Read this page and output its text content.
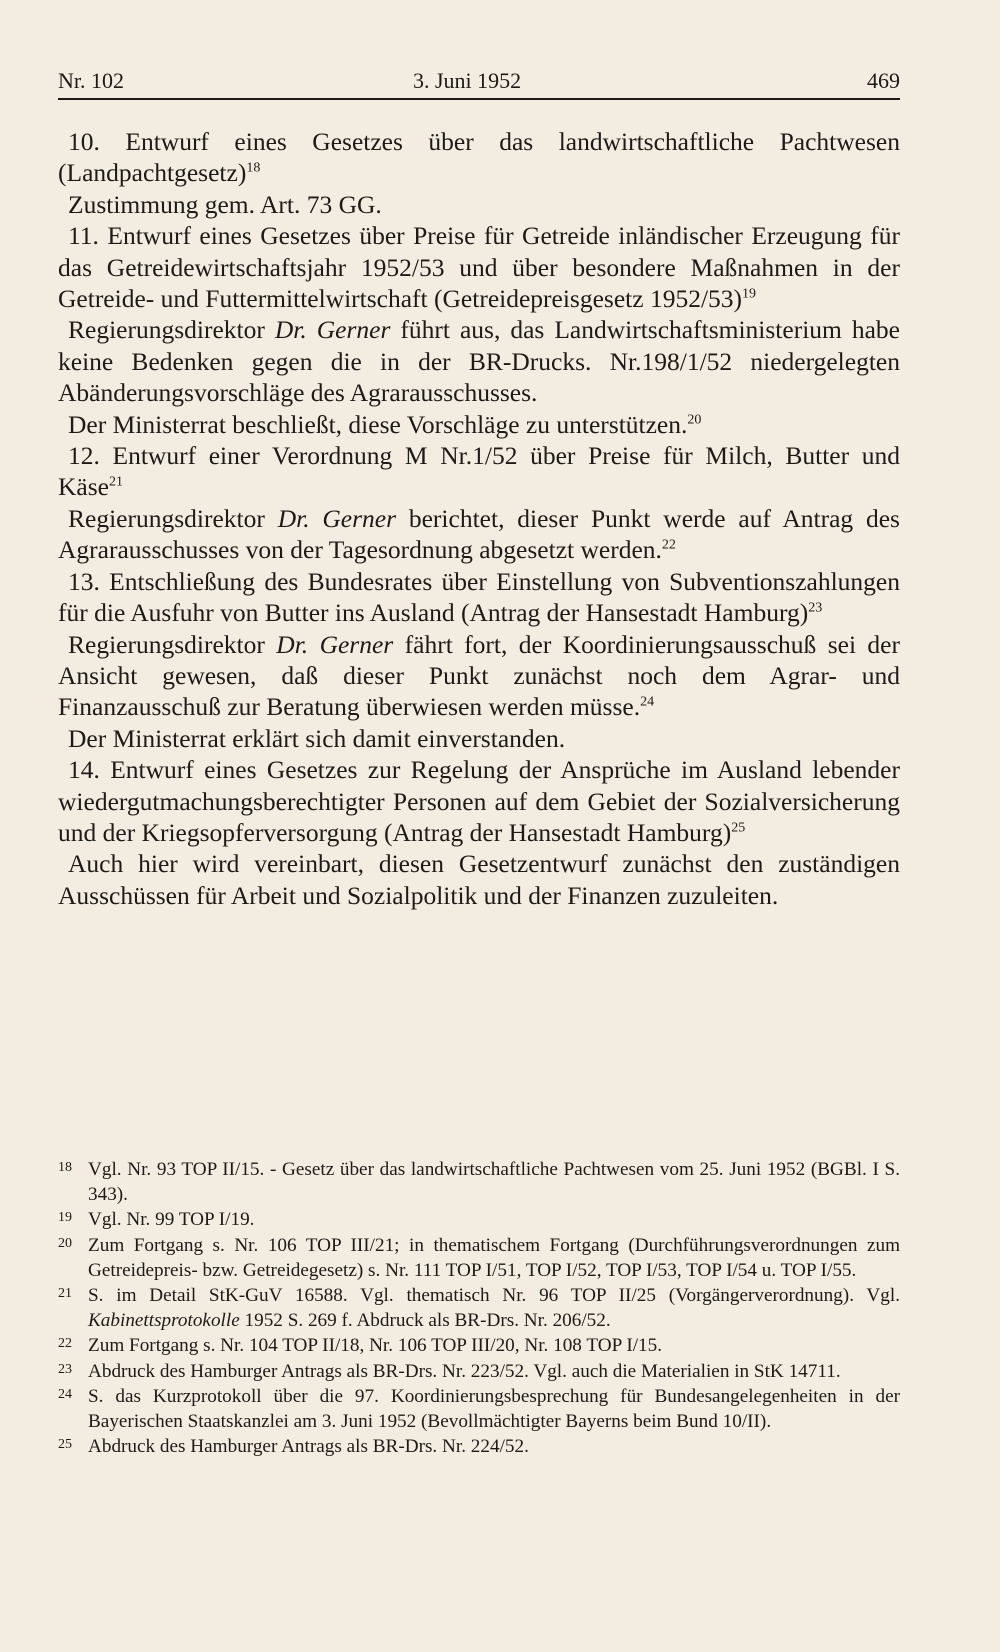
Nr. 102	3. Juni 1952	469

10. Entwurf eines Gesetzes über das landwirtschaftliche Pachtwesen (Landpachtgesetz)$^{18}$

Zustimmung gem. Art. 73 GG.

11. Entwurf eines Gesetzes über Preise für Getreide inländischer Erzeugung für das Getreidewirtschaftsjahr 1952/53 und über besondere Maßnahmen in der Getreide- und Futtermittelwirtschaft (Getreidepreisgesetz 1952/53)$^{19}$

Regierungsdirektor Dr. Gerner führt aus, das Landwirtschaftsministerium habe keine Bedenken gegen die in der BR-Drucks. Nr.198/1/52 niedergelegten Abänderungsvorschläge des Agrarausschusses.

Der Ministerrat beschließt, diese Vorschläge zu unterstützen.$^{20}$

12. Entwurf einer Verordnung M Nr.1/52 über Preise für Milch, Butter und Käse$^{21}$

Regierungsdirektor Dr. Gerner berichtet, dieser Punkt werde auf Antrag des Agrarausschusses von der Tagesordnung abgesetzt werden.$^{22}$

13. Entschließung des Bundesrates über Einstellung von Subventionszahlungen für die Ausfuhr von Butter ins Ausland (Antrag der Hansestadt Hamburg)$^{23}$

Regierungsdirektor Dr. Gerner fährt fort, der Koordinierungsausschuß sei der Ansicht gewesen, daß dieser Punkt zunächst noch dem Agrar- und Finanzausschuß zur Beratung überwiesen werden müsse.$^{24}$

Der Ministerrat erklärt sich damit einverstanden.

14. Entwurf eines Gesetzes zur Regelung der Ansprüche im Ausland lebender wiedergutmachungsberechtigter Personen auf dem Gebiet der Sozialversicherung und der Kriegsopferversorgung (Antrag der Hansestadt Hamburg)$^{25}$

Auch hier wird vereinbart, diesen Gesetzentwurf zunächst den zuständigen Ausschüssen für Arbeit und Sozialpolitik und der Finanzen zuzuleiten.

18 Vgl. Nr. 93 TOP II/15. - Gesetz über das landwirtschaftliche Pachtwesen vom 25. Juni 1952 (BGBl. I S. 343).

19 Vgl. Nr. 99 TOP I/19.

20 Zum Fortgang s. Nr. 106 TOP III/21; in thematischem Fortgang (Durchführungsverordnungen zum Getreidepreis- bzw. Getreidegesetz) s. Nr. 111 TOP I/51, TOP I/52, TOP I/53, TOP I/54 u. TOP I/55.

21 S. im Detail StK-GuV 16588. Vgl. thematisch Nr. 96 TOP II/25 (Vorgängerverordnung). Vgl. Kabinettsprotokolle 1952 S. 269 f. Abdruck als BR-Drs. Nr. 206/52.

22 Zum Fortgang s. Nr. 104 TOP II/18, Nr. 106 TOP III/20, Nr. 108 TOP I/15.

23 Abdruck des Hamburger Antrags als BR-Drs. Nr. 223/52. Vgl. auch die Materialien in StK 14711.

24 S. das Kurzprotokoll über die 97. Koordinierungsbesprechung für Bundesangelegenheiten in der Bayerischen Staatskanzlei am 3. Juni 1952 (Bevollmächtigter Bayerns beim Bund 10/II).

25 Abdruck des Hamburger Antrags als BR-Drs. Nr. 224/52.
